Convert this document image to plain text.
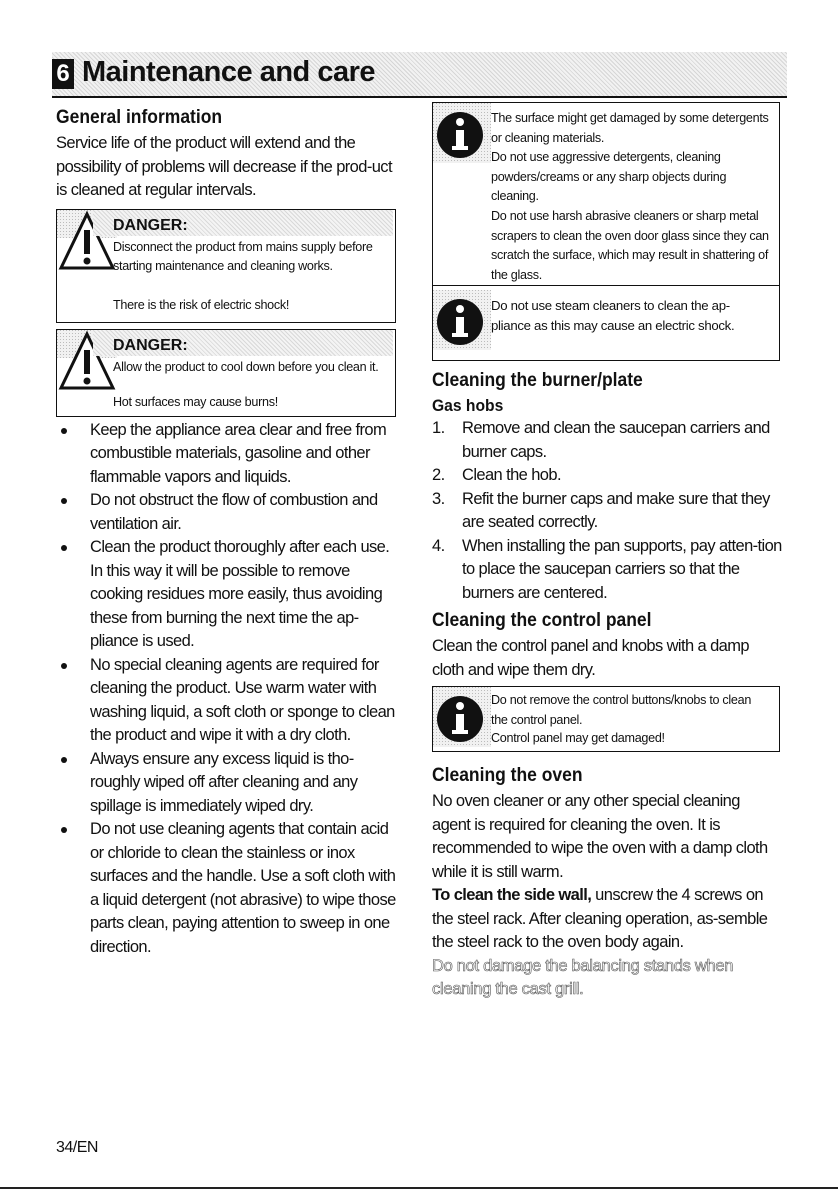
6 Maintenance and care
General information

Service life of the product will extend and the possibility of problems will decrease if the prod-uct is cleaned at regular intervals.

DANGER:
Disconnect the product from mains supply before starting maintenance and cleaning works.
There is the risk of electric shock!
DANGER:
Allow the product to cool down before you clean it.
Hot surfaces may cause burns!
Keep the appliance area clear and free from combustible materials, gasoline and other flammable vapors and liquids.
Do not obstruct the flow of combustion and ventilation air.
Clean the product thoroughly after each use. In this way it will be possible to remove cooking residues more easily, thus avoiding these from burning the next time the ap-pliance is used.
No special cleaning agents are required for cleaning the product. Use warm water with washing liquid, a soft cloth or sponge to clean the product and wipe it with a dry cloth.
Always ensure any excess liquid is tho-roughly wiped off after cleaning and any spillage is immediately wiped dry.
Do not use cleaning agents that contain acid or chloride to clean the stainless or inox surfaces and the handle. Use a soft cloth with a liquid detergent (not abrasive) to wipe those parts clean, paying attention to sweep in one direction.
The surface might get damaged by some detergents or cleaning materials.
Do not use aggressive detergents, cleaning powders/creams or any sharp objects during cleaning.
Do not use harsh abrasive cleaners or sharp metal scrapers to clean the oven door glass since they can scratch the surface, which may result in shattering of the glass.
Do not use steam cleaners to clean the ap-pliance as this may cause an electric shock.
Cleaning the burner/plate
Gas hobs
1. Remove and clean the saucepan carriers and burner caps.
2. Clean the hob.
3. Refit the burner caps and make sure that they are seated correctly.
4. When installing the pan supports, pay atten-tion to place the saucepan carriers so that the burners are centered.
Cleaning the control panel

Clean the control panel and knobs with a damp cloth and wipe them dry.

Do not remove the control buttons/knobs to clean the control panel.
Control panel may get damaged!
Cleaning the oven

No oven cleaner or any other special cleaning agent is required for cleaning the oven. It is recommended to wipe the oven with a damp cloth while it is still warm.

To clean the side wall, unscrew the 4 screws on the steel rack. After cleaning operation, as-semble the steel rack to the oven body again.

Do not damage the balancing stands when cleaning the cast grill.

34/EN
